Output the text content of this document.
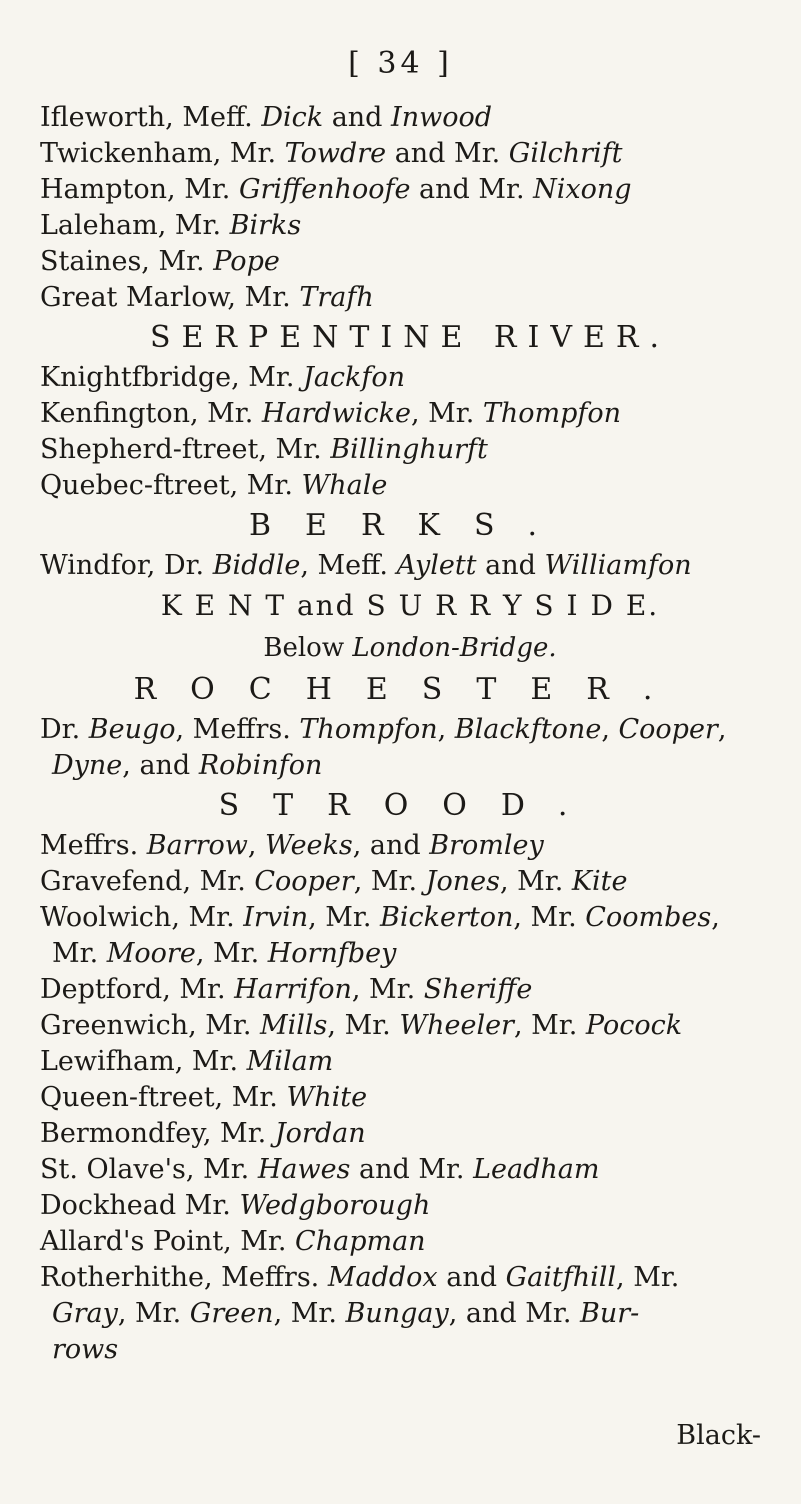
[ 34 ]
Ifleworth, Meff. Dick and Inwood
Twickenham, Mr. Towdre and Mr. Gilchrift
Hampton, Mr. Griffenhoofe and Mr. Nixong
Laleham, Mr. Birks
Staines, Mr. Pope
Great Marlow, Mr. Trafh
SERPENTINE RIVER.
Knightfbridge, Mr. Jackfon
Kenfington, Mr. Hardwicke, Mr. Thompfon
Shepherd-ftreet, Mr. Billinghurft
Quebec-ftreet, Mr. Whale
BERKS.
Windfor, Dr. Biddle, Meff. Aylett and Williamfon
K E N T and S U R R Y S I D E.
Below London-Bridge.
ROCHESTER.
Dr. Beugo, Meffrs. Thompfon, Blackftone, Cooper,
Dyne, and Robinfon
STROOD.
Meffrs. Barrow, Weeks, and Bromley
Gravefend, Mr. Cooper, Mr. Jones, Mr. Kite
Woolwich, Mr. Irvin, Mr. Bickerton, Mr. Coombes,
Mr. Moore, Mr. Hornfbey
Deptford, Mr. Harrifon, Mr. Sheriffe
Greenwich, Mr. Mills, Mr. Wheeler, Mr. Pocock
Lewifham, Mr. Milam
Queen-ftreet, Mr. White
Bermondfey, Mr. Jordan
St. Olave's, Mr. Hawes and Mr. Leadham
Dockhead Mr. Wedgborough
Allard's Point, Mr. Chapman
Rotherhithe, Meffrs. Maddox and Gaitfhill, Mr.
Gray, Mr. Green, Mr. Bungay, and Mr. Bur-
rows
Black-
